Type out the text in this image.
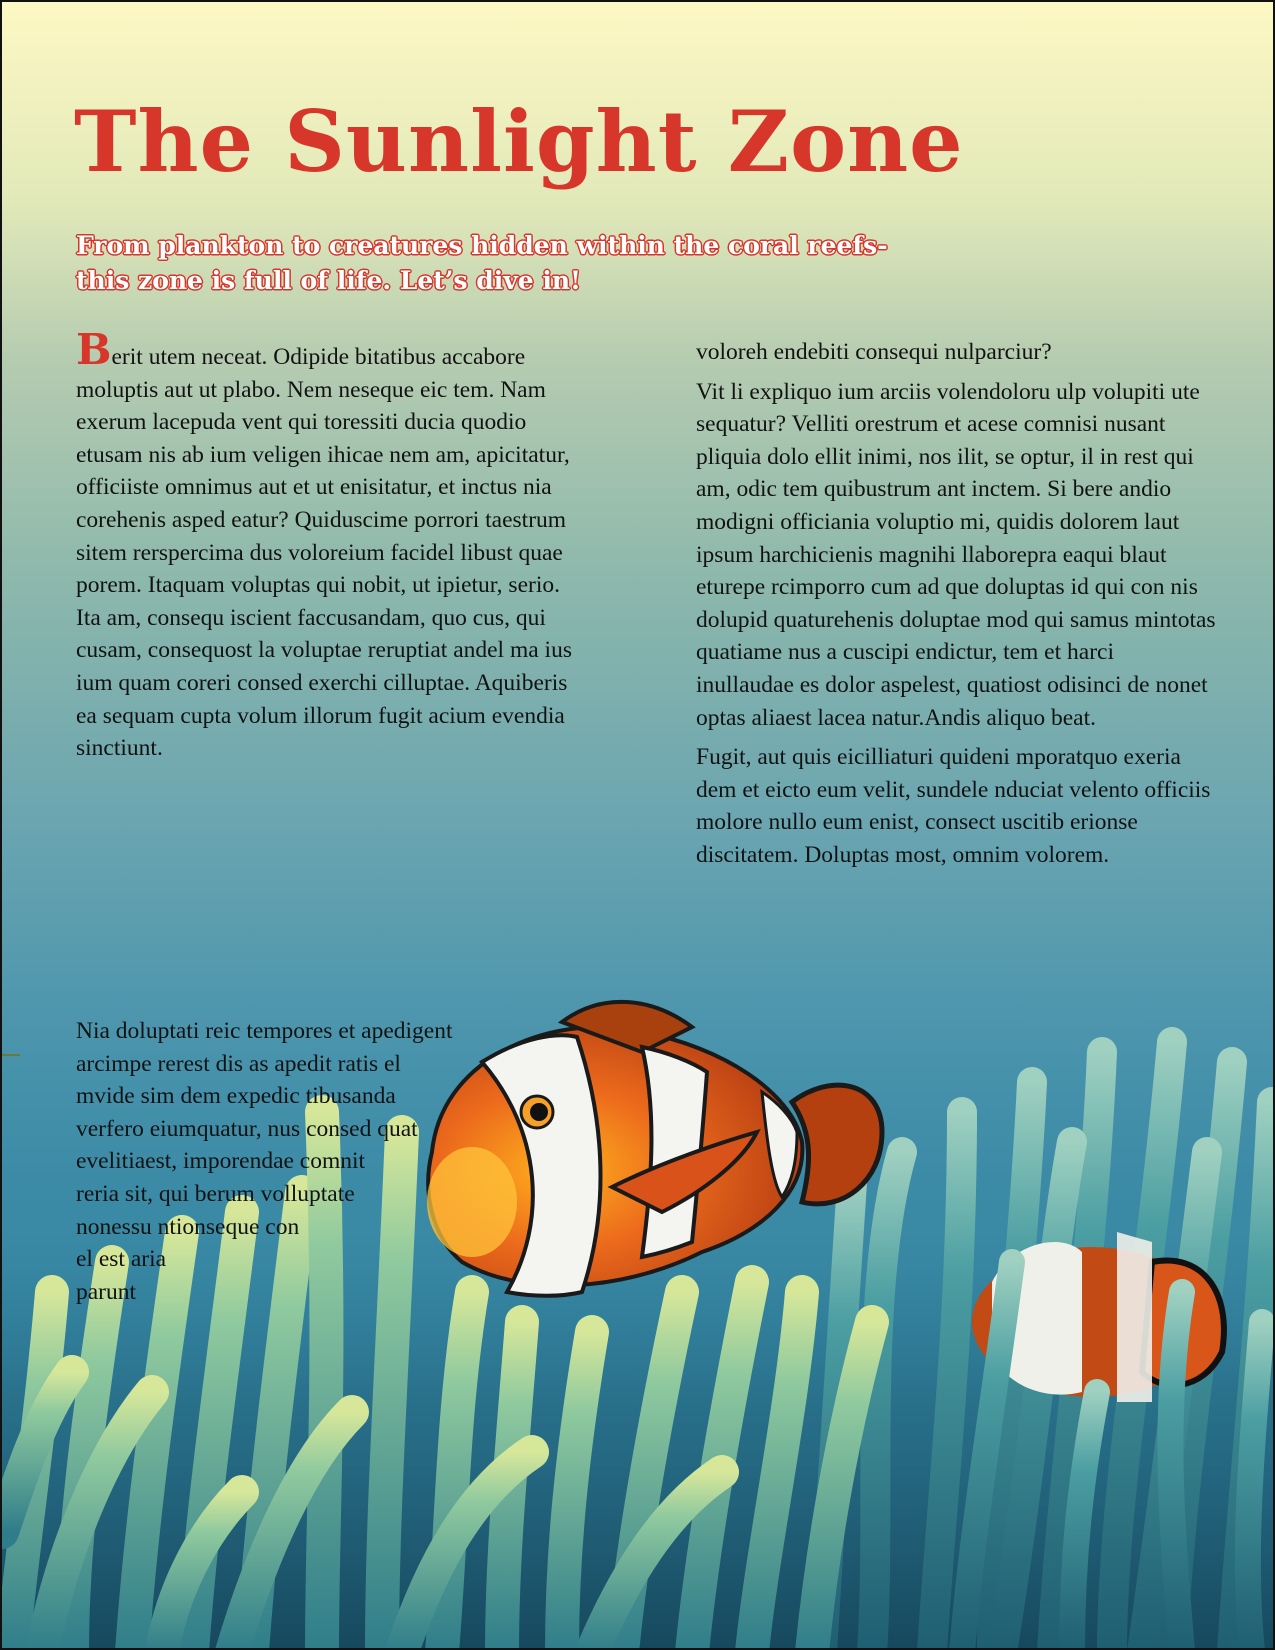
The Sunlight Zone

From plankton to creatures hidden within the coral reefs- this zone is full of life. Let’s dive in!

Berit utem neceat. Odipide bitatibus accabore moluptis aut ut plabo. Nem neseque eic tem. Nam exerum lacepuda vent qui toressiti ducia quodio etusam nis ab ium veligen ihicae nem am, apicitatur, officiiste omnimus aut et ut enisitatur, et inctus nia corehenis asped eatur? Quiduscime porrori taestrum sitem rerspercima dus voloreium facidel libust quae porem. Itaquam voluptas qui nobit, ut ipietur, serio. Ita am, consequ iscient faccusandam, quo cus, qui cusam, consequost la voluptae reruptiat andel ma ius ium quam coreri consed exerchi cilluptae. Aquiberis ea sequam cupta volum illorum fugit acium evendia sinctiunt.

Nia doluptati reic tempores et apedigent
arcimpe rerest dis as apedit ratis el
mvide sim dem expedic tibusanda
verfero eiumquatur, nus consed quat
evelitiaest, imporendae comnit
reria sit, qui berum volluptate
nonessu ntionseque con
el est aria
parunt

voloreh endebiti consequi nulparciur?

Vit li expliquo ium arciis volendoloru ulp volupiti ute sequatur? Velliti orestrum et acese comnisi nusant pliquia dolo ellit inimi, nos ilit, se optur, il in rest qui am, odic tem quibustrum ant inctem. Si bere andio modigni officiania voluptio mi, quidis dolorem laut ipsum harchicienis magnihi llaborepra eaqui blaut eturepe rcimporro cum ad que doluptas id qui con nis dolupid quaturehenis doluptae mod qui samus mintotas quatiame nus a cuscipi endictur, tem et harci inullaudae es dolor aspelest, quatiost odisinci de nonet optas aliaest lacea natur.Andis aliquo beat.

Fugit, aut quis eicilliaturi quideni mporatquo exeria dem et eicto eum velit, sundele nduciat velento officiis molore nullo eum enist, consect uscitib erionse discitatem. Doluptas most, omnim volorem.
